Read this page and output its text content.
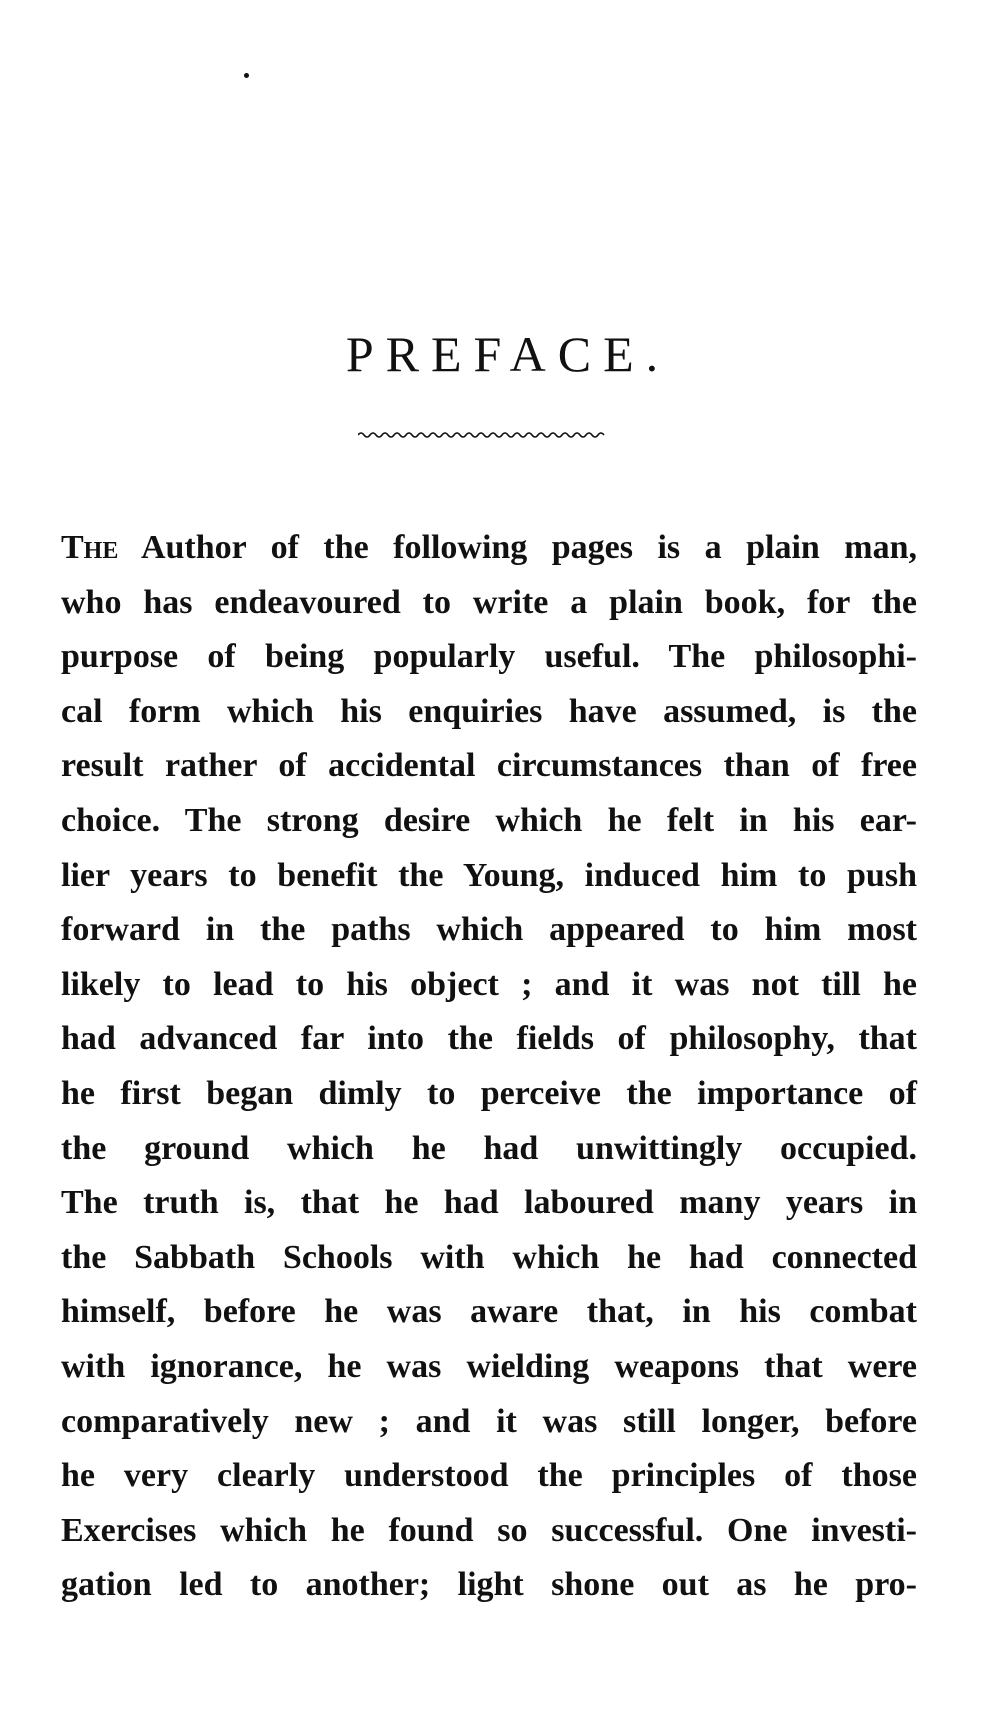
PREFACE.
The Author of the following pages is a plain man,
who has endeavoured to write a plain book, for the
purpose of being popularly useful. The philosophi-
cal form which his enquiries have assumed, is the
result rather of accidental circumstances than of free
choice. The strong desire which he felt in his ear-
lier years to benefit the Young, induced him to push
forward in the paths which appeared to him most
likely to lead to his object ; and it was not till he
had advanced far into the fields of philosophy, that
he first began dimly to perceive the importance of
the ground which he had unwittingly occupied.
The truth is, that he had laboured many years in
the Sabbath Schools with which he had connected
himself, before he was aware that, in his combat
with ignorance, he was wielding weapons that were
comparatively new ; and it was still longer, before
he very clearly understood the principles of those
Exercises which he found so successful. One investi-
gation led to another; light shone out as he pro-
